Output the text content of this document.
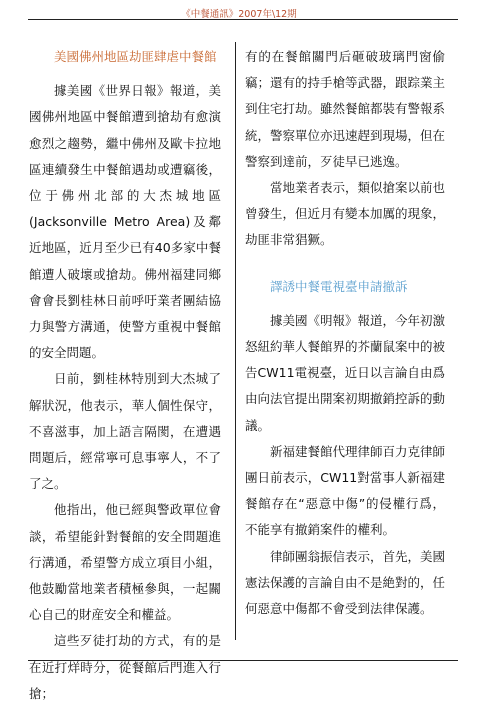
《中餐通訊》2007年\12期
美國佛州地區劫匪肆虐中餐館

據美國《世界日報》報道，美國佛州地區中餐館遭到搶劫有愈演愈烈之趨勢，繼中佛州及歐卡拉地區連續發生中餐館遇劫或遭竊後，位于佛州北部的大杰城地區(Jacksonville Metro Area)及鄰近地區，近月至少已有40多家中餐館遭人破壞或搶劫。佛州福建同鄉會會長劉桂林日前呼吁業者團結協力與警方溝通，使警方重視中餐館的安全問題。

日前，劉桂林特別到大杰城了解狀況，他表示，華人個性保守，不喜滋事，加上語言隔閡，在遭遇問題后，經常寧可息事寧人，不了了之。

他指出，他已經與警政單位會談，希望能針對餐館的安全問題進行溝通，希望警方成立項目小組，他鼓勵當地業者積極參與，一起關心自己的財産安全和權益。

這些歹徒打劫的方式，有的是在近打烊時分，從餐館后門進入行搶；

有的在餐館關門后砸破玻璃門窗偷竊；還有的持手槍等武器，跟踪業主到住宅打劫。雖然餐館都裝有警報系統，警察單位亦迅速趕到現場，但在警察到達前，歹徒早已逃逸。

當地業者表示，類似搶案以前也曾發生，但近月有變本加厲的現象，劫匪非常猖獗。

譯誘中餐電視臺申請撤訴

據美國《明報》報道，今年初激怒紐約華人餐館界的芥蘭鼠案中的被告CW11電視臺，近日以言論自由爲由向法官提出開案初期撤銷控訴的動議。

新福建餐館代理律師百力克律師團日前表示，CW11對當事人新福建餐館存在“惡意中傷”的侵權行爲，不能享有撤銷案件的權利。

律師團翁振信表示，首先，美國憲法保護的言論自由不是絶對的，任何惡意中傷都不會受到法律保護。
